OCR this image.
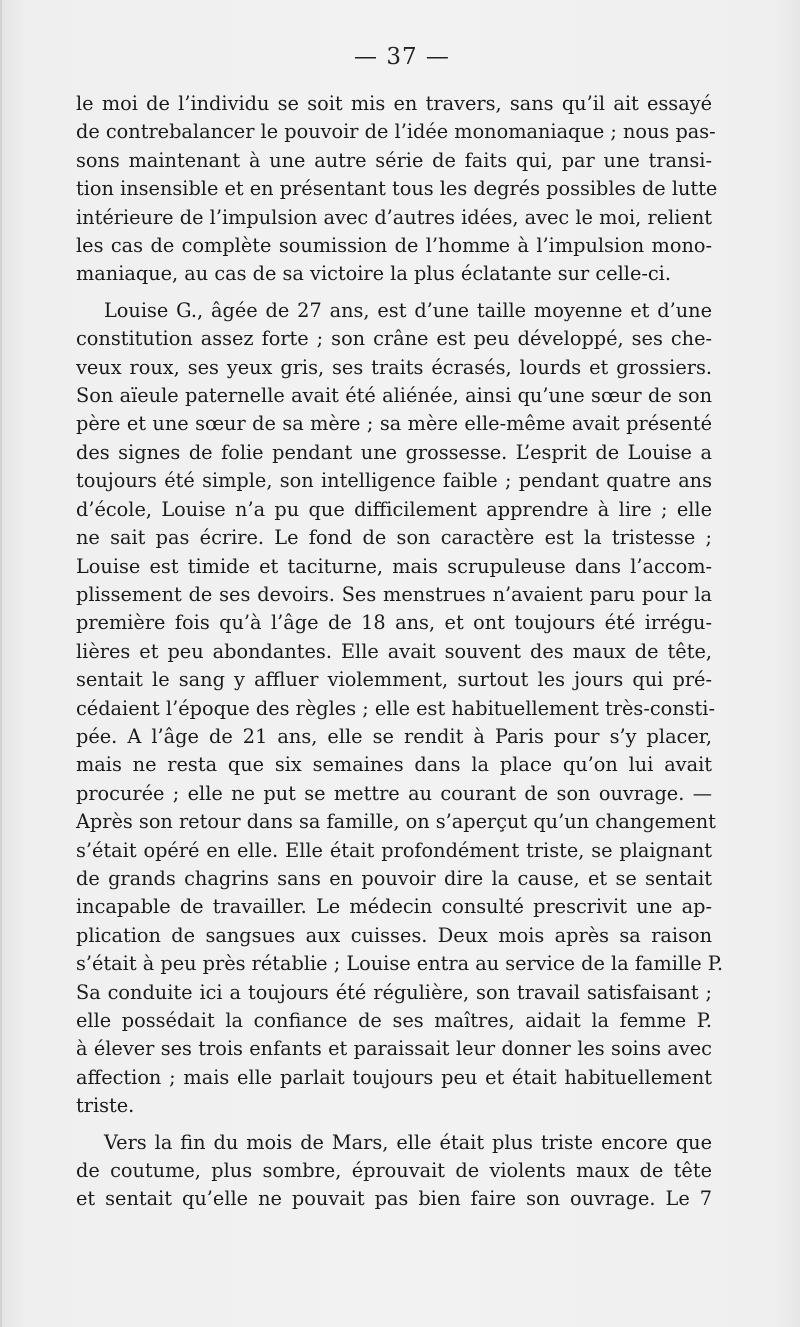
— 37 —
le moi de l’individu se soit mis en travers, sans qu’il ait essayé
de contrebalancer le pouvoir de l’idée monomaniaque ; nous pas-
sons maintenant à une autre série de faits qui, par une transi-
tion insensible et en présentant tous les degrés possibles de lutte
intérieure de l’impulsion avec d’autres idées, avec le moi, relient
les cas de complète soumission de l’homme à l’impulsion mono-
maniaque, au cas de sa victoire la plus éclatante sur celle-ci.
Louise G., âgée de 27 ans, est d’une taille moyenne et d’une
constitution assez forte ; son crâne est peu développé, ses che-
veux roux, ses yeux gris, ses traits écrasés, lourds et grossiers.
Son aïeule paternelle avait été aliénée, ainsi qu’une sœur de son
père et une sœur de sa mère ; sa mère elle-même avait présenté
des signes de folie pendant une grossesse. L’esprit de Louise a
toujours été simple, son intelligence faible ; pendant quatre ans
d’école, Louise n’a pu que difficilement apprendre à lire ; elle
ne sait pas écrire. Le fond de son caractère est la tristesse ;
Louise est timide et taciturne, mais scrupuleuse dans l’accom-
plissement de ses devoirs. Ses menstrues n’avaient paru pour la
première fois qu’à l’âge de 18 ans, et ont toujours été irrégu-
lières et peu abondantes. Elle avait souvent des maux de tête,
sentait le sang y affluer violemment, surtout les jours qui pré-
cédaient l’époque des règles ; elle est habituellement très-consti-
pée. A l’âge de 21 ans, elle se rendit à Paris pour s’y placer,
mais ne resta que six semaines dans la place qu’on lui avait
procurée ; elle ne put se mettre au courant de son ouvrage. —
Après son retour dans sa famille, on s’aperçut qu’un changement
s’était opéré en elle. Elle était profondément triste, se plaignant
de grands chagrins sans en pouvoir dire la cause, et se sentait
incapable de travailler. Le médecin consulté prescrivit une ap-
plication de sangsues aux cuisses. Deux mois après sa raison
s’était à peu près rétablie ; Louise entra au service de la famille P.
Sa conduite ici a toujours été régulière, son travail satisfaisant ;
elle possédait la confiance de ses maîtres, aidait la femme P.
à élever ses trois enfants et paraissait leur donner les soins avec
affection ; mais elle parlait toujours peu et était habituellement
triste.
Vers la fin du mois de Mars, elle était plus triste encore que
de coutume, plus sombre, éprouvait de violents maux de tête
et sentait qu’elle ne pouvait pas bien faire son ouvrage. Le 7
